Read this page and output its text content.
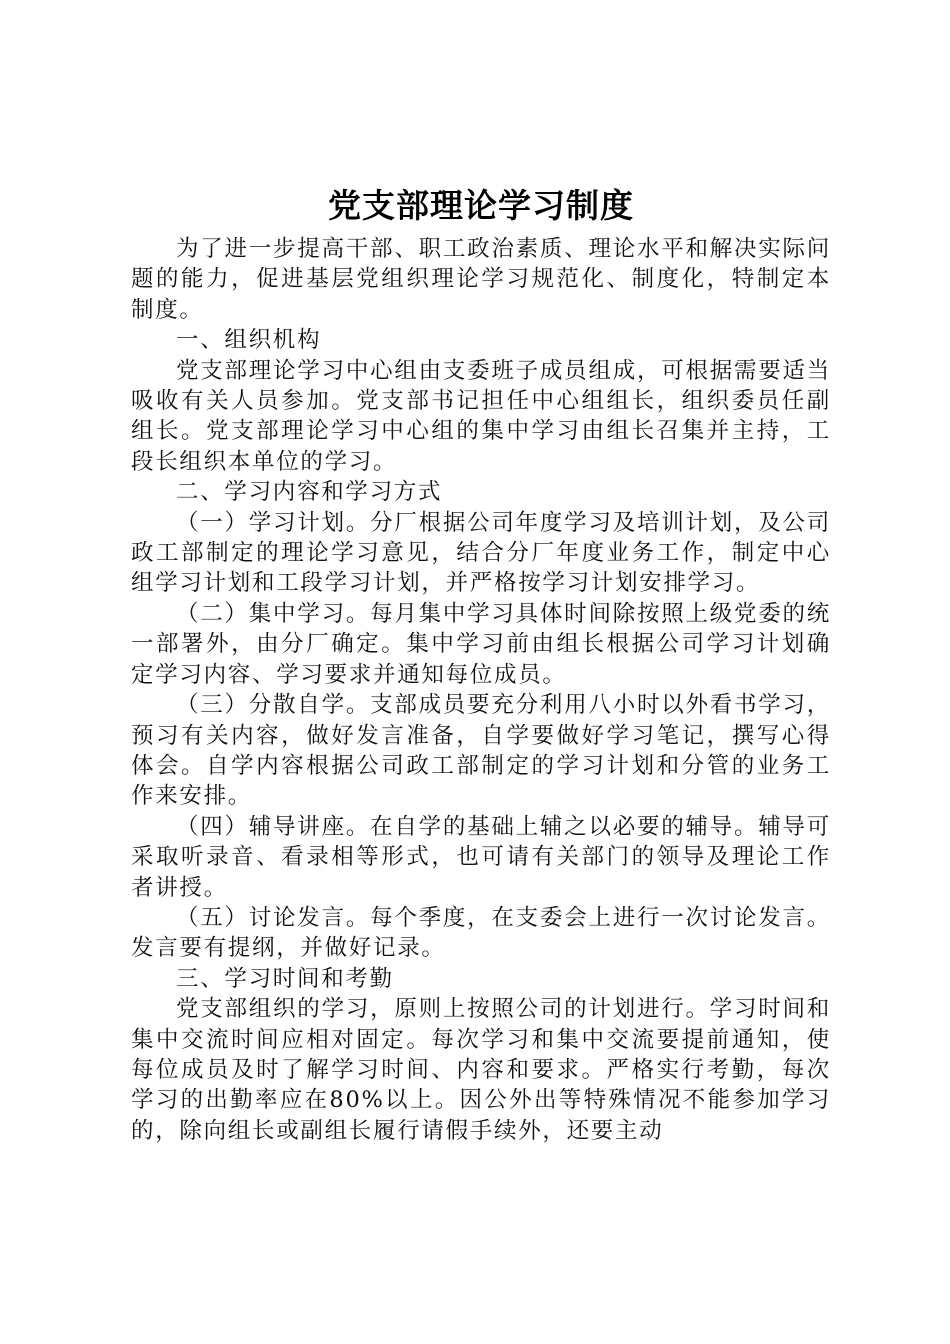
党支部理论学习制度

为了进一步提高干部、职工政治素质、理论水平和解决实际问题的能力，促进基层党组织理论学习规范化、制度化，特制定本制度。

一、组织机构

党支部理论学习中心组由支委班子成员组成，可根据需要适当吸收有关人员参加。党支部书记担任中心组组长，组织委员任副组长。党支部理论学习中心组的集中学习由组长召集并主持，工段长组织本单位的学习。

二、学习内容和学习方式

（一）学习计划。分厂根据公司年度学习及培训计划，及公司政工部制定的理论学习意见，结合分厂年度业务工作，制定中心组学习计划和工段学习计划，并严格按学习计划安排学习。

（二）集中学习。每月集中学习具体时间除按照上级党委的统一部署外，由分厂确定。集中学习前由组长根据公司学习计划确定学习内容、学习要求并通知每位成员。

（三）分散自学。支部成员要充分利用八小时以外看书学习，预习有关内容，做好发言准备，自学要做好学习笔记，撰写心得体会。自学内容根据公司政工部制定的学习计划和分管的业务工作来安排。

（四）辅导讲座。在自学的基础上辅之以必要的辅导。辅导可采取听录音、看录相等形式，也可请有关部门的领导及理论工作者讲授。

（五）讨论发言。每个季度，在支委会上进行一次讨论发言。发言要有提纲，并做好记录。

三、学习时间和考勤

党支部组织的学习，原则上按照公司的计划进行。学习时间和集中交流时间应相对固定。每次学习和集中交流要提前通知，使每位成员及时了解学习时间、内容和要求。严格实行考勤，每次学习的出勤率应在80%以上。因公外出等特殊情况不能参加学习的，除向组长或副组长履行请假手续外，还要主动
